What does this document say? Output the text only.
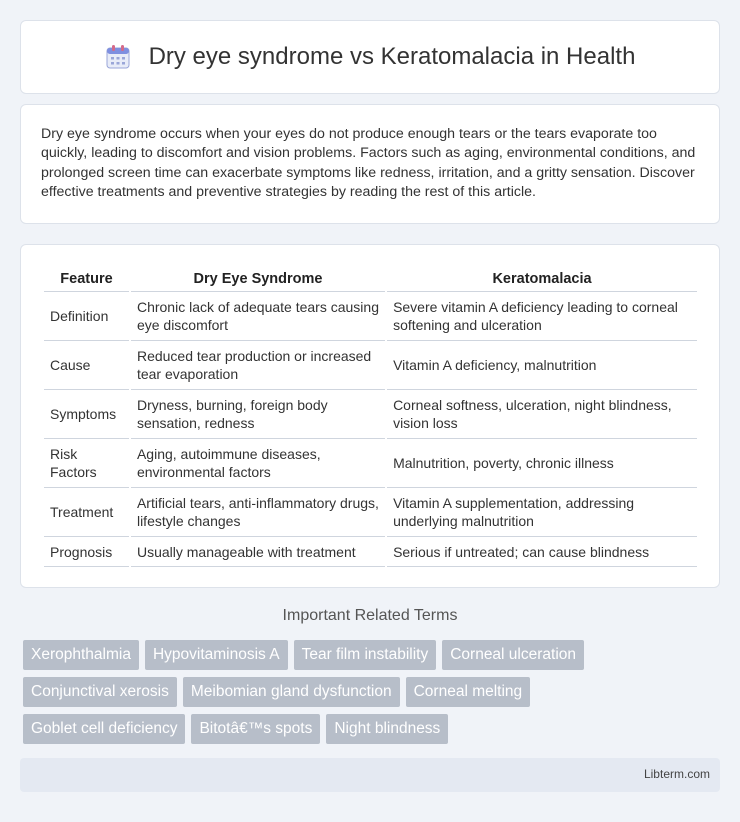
Dry eye syndrome vs Keratomalacia in Health

Dry eye syndrome occurs when your eyes do not produce enough tears or the tears evaporate too quickly, leading to discomfort and vision problems. Factors such as aging, environmental conditions, and prolonged screen time can exacerbate symptoms like redness, irritation, and a gritty sensation. Discover effective treatments and preventive strategies by reading the rest of this article.

Feature	Dry Eye Syndrome	Keratomalacia
Definition	Chronic lack of adequate tears causing eye discomfort	Severe vitamin A deficiency leading to corneal softening and ulceration
Cause	Reduced tear production or increased tear evaporation	Vitamin A deficiency, malnutrition
Symptoms	Dryness, burning, foreign body sensation, redness	Corneal softness, ulceration, night blindness, vision loss
Risk Factors	Aging, autoimmune diseases, environmental factors	Malnutrition, poverty, chronic illness
Treatment	Artificial tears, anti-inflammatory drugs, lifestyle changes	Vitamin A supplementation, addressing underlying malnutrition
Prognosis	Usually manageable with treatment	Serious if untreated; can cause blindness
Important Related Terms
Xerophthalmia	Hypovitaminosis A	Tear film instability	Corneal ulceration
Conjunctival xerosis	Meibomian gland dysfunction	Corneal melting
Goblet cell deficiency	Bitotâ€™s spots	Night blindness
Libterm.com
